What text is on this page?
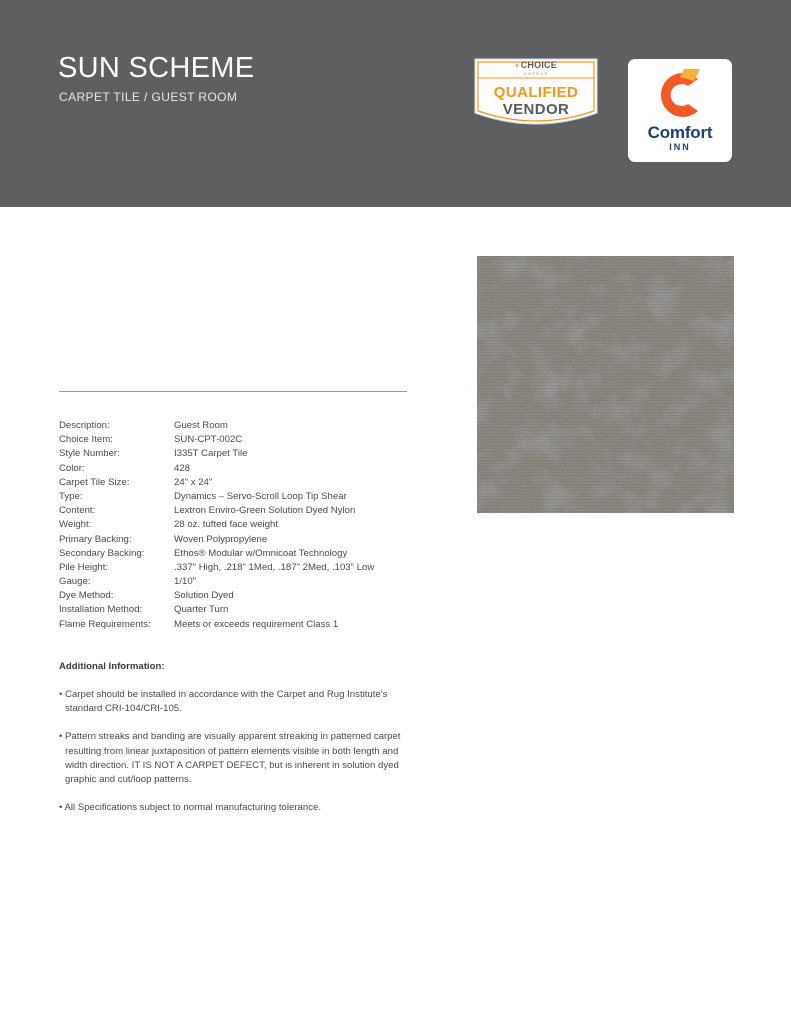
SUN SCHEME
CARPET TILE / GUEST ROOM
◐CHOICE
HOTELS
QUALIFIED
VENDOR
Comfort
INN
Description:	Guest Room
Choice Item:	SUN-CPT-002C
Style Number:	I335T Carpet Tile
Color:	428
Carpet Tile Size:	24" x 24"
Type:	Dynamics – Servo-Scroll Loop Tip Shear
Content:	Lextron Enviro-Green Solution Dyed Nylon
Weight:	28 oz. tufted face weight
Primary Backing:	Woven Polypropylene
Secondary Backing:	Ethos® Modular w/Omnicoat Technology
Pile Height:	.337" High, .218" 1Med, .187" 2Med, .103" Low
Gauge:	1/10"
Dye Method:	Solution Dyed
Installation Method:	Quarter Turn
Flame Requirements: Meets or exceeds requirement Class 1
Additional Information:
• Carpet should be installed in accordance with the Carpet and Rug Institute's standard CRI-104/CRI-105.
• Pattern streaks and banding are visually apparent streaking in patterned carpet resulting from linear juxtaposition of pattern elements visible in both length and width direction. IT IS NOT A CARPET DEFECT, but is inherent in solution dyed graphic and cut/loop patterns.
• All Specifications subject to normal manufacturing tolerance.
